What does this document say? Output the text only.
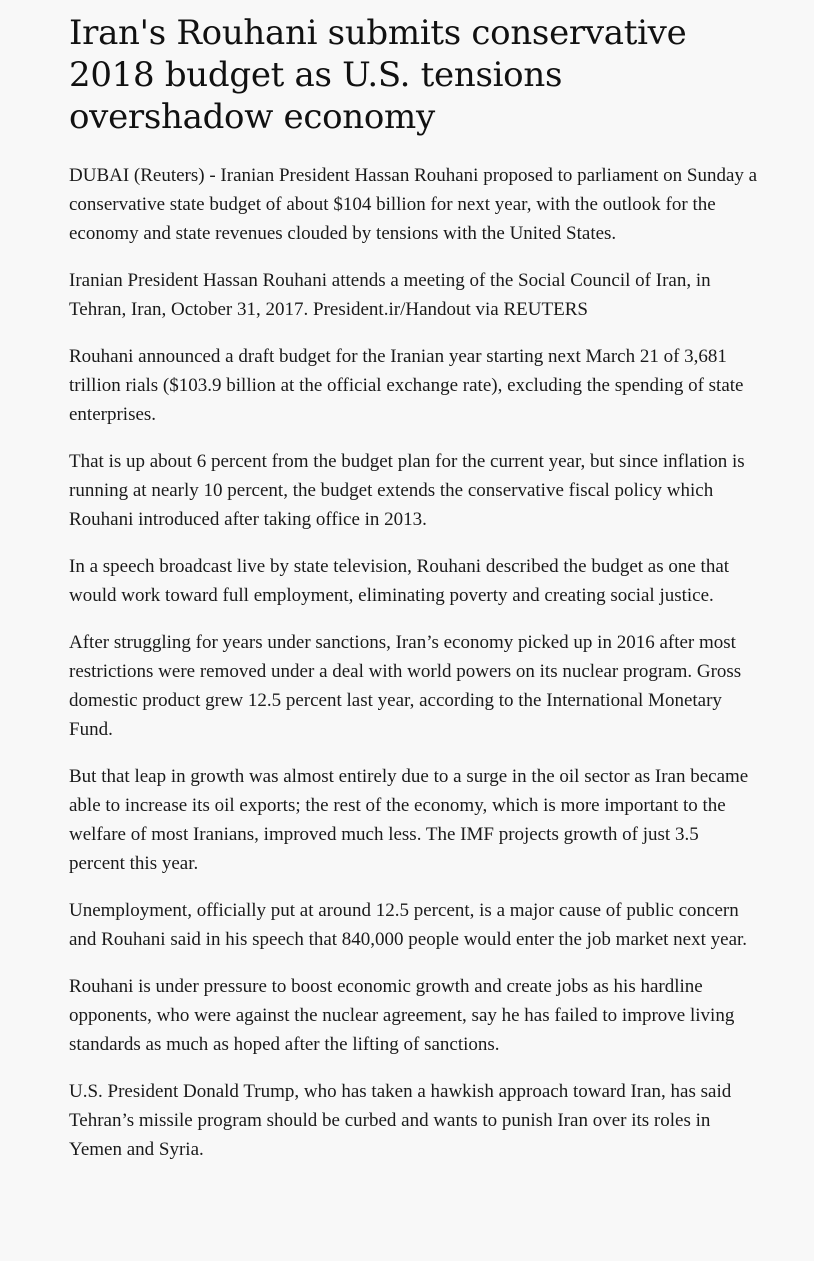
Iran's Rouhani submits conservative 2018 budget as U.S. tensions overshadow economy

DUBAI (Reuters) - Iranian President Hassan Rouhani proposed to parliament on Sunday a conservative state budget of about $104 billion for next year, with the outlook for the economy and state revenues clouded by tensions with the United States.

Iranian President Hassan Rouhani attends a meeting of the Social Council of Iran, in Tehran, Iran, October 31, 2017. President.ir/Handout via REUTERS

Rouhani announced a draft budget for the Iranian year starting next March 21 of 3,681 trillion rials ($103.9 billion at the official exchange rate), excluding the spending of state enterprises.

That is up about 6 percent from the budget plan for the current year, but since inflation is running at nearly 10 percent, the budget extends the conservative fiscal policy which Rouhani introduced after taking office in 2013.

In a speech broadcast live by state television, Rouhani described the budget as one that would work toward full employment, eliminating poverty and creating social justice.

After struggling for years under sanctions, Iran’s economy picked up in 2016 after most restrictions were removed under a deal with world powers on its nuclear program. Gross domestic product grew 12.5 percent last year, according to the International Monetary Fund.

But that leap in growth was almost entirely due to a surge in the oil sector as Iran became able to increase its oil exports; the rest of the economy, which is more important to the welfare of most Iranians, improved much less. The IMF projects growth of just 3.5 percent this year.

Unemployment, officially put at around 12.5 percent, is a major cause of public concern and Rouhani said in his speech that 840,000 people would enter the job market next year.

Rouhani is under pressure to boost economic growth and create jobs as his hardline opponents, who were against the nuclear agreement, say he has failed to improve living standards as much as hoped after the lifting of sanctions.

U.S. President Donald Trump, who has taken a hawkish approach toward Iran, has said Tehran’s missile program should be curbed and wants to punish Iran over its roles in Yemen and Syria.
